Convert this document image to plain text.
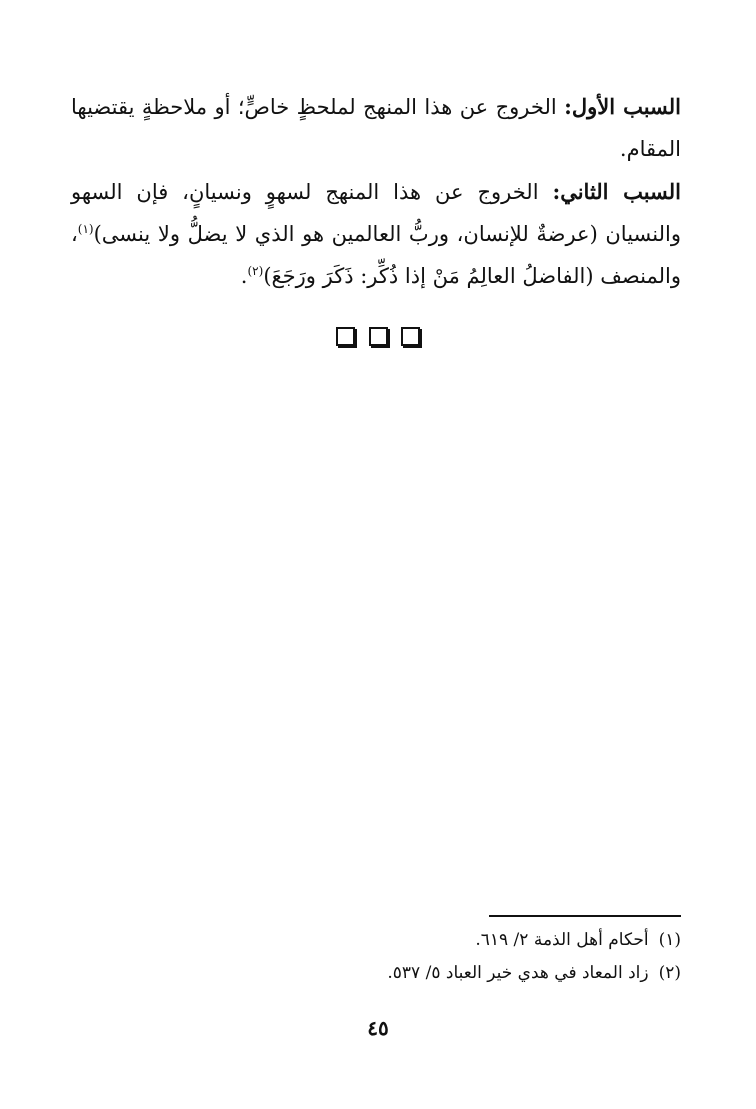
السبب الأول: الخروج عن هذا المنهج لملحظٍ خاصٍّ؛ أو ملاحظةٍ يقتضيها المقام.

السبب الثاني: الخروج عن هذا المنهج لسهوٍ ونسيانٍ، فإن السهو والنسيان (عرضةٌ للإنسان، وربُّ العالمين هو الذي لا يضلُّ ولا ينسى)$^{(١)}$، والمنصف (الفاضلُ العالِمُ مَنْ إذا ذُكِّر: ذَكَرَ ورَجَعَ)$^{(٢)}$.

(١)أحكام أهل الذمة ٢/ ٦١٩.
(٢)زاد المعاد في هدي خير العباد ٥/ ٥٣٧.
٤٥
